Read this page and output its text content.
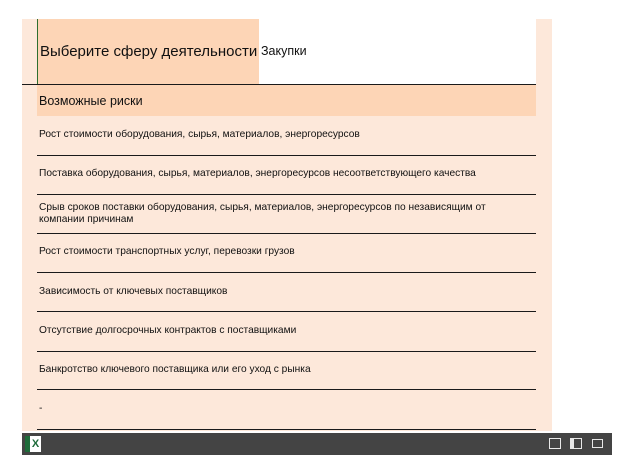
Выберите сферу деятельности Закупки
Возможные риски
Рост стоимости оборудования, сырья, материалов, энергоресурсов
Поставка оборудования, сырья, материалов, энергоресурсов несоответствующего качества
Срыв сроков поставки оборудования, сырья, материалов, энергоресурсов по независящим от компании причинам
Рост стоимости транспортных услуг, перевозки грузов
Зависимость от ключевых поставщиков
Отсутствие долгосрочных контрактов с поставщиками
Банкротство ключевого поставщика или его уход с рынка
-
X
